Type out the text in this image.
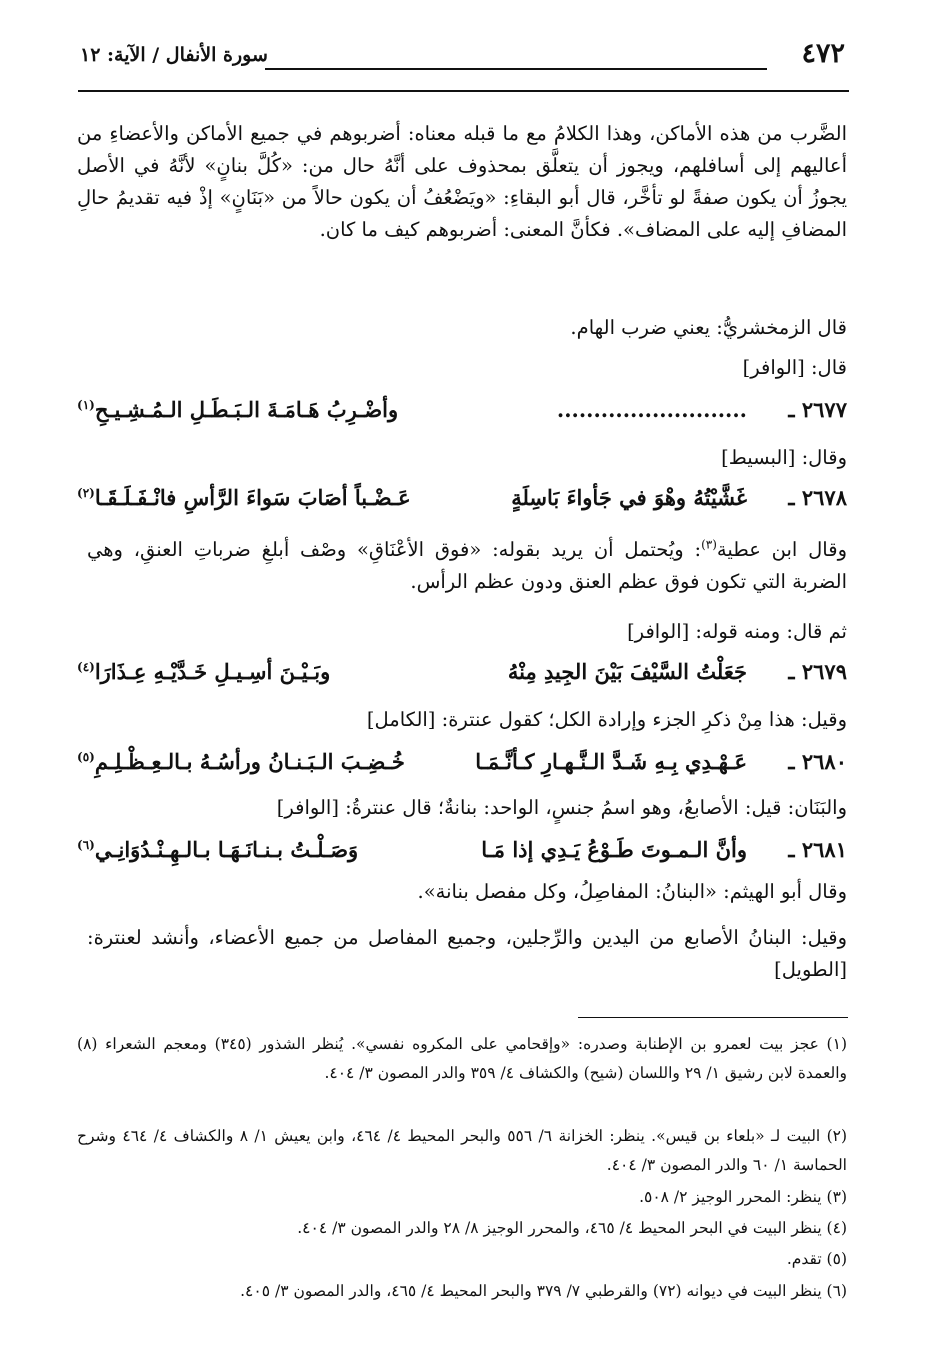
٤٧٢
سورة الأنفال / الآية: ١٢
الضَّرب من هذه الأماكن، وهذا الكلامُ مع ما قبله معناه: أضربوهم في جميع الأماكن والأعضاءِ من أعاليهم إلى أسافلهم، ويجوز أن يتعلَّق بمحذوف على أنَّهُ حال من: «كُلَّ بنانٍ» لأنَّهُ في الأصل يجوزُ أن يكون صفةً لو تأخَّر، قال أبو البقاءِ: «ويَضْعُفُ أن يكون حالاً من «بَنَانٍ» إذْ فيه تقديمُ حالِ المضافِ إليه على المضاف». فكأنَّ المعنى: أضربوهم كيف ما كان.
قال الزمخشريُّ: يعني ضرب الهام.
قال: [الوافر]
٢٦٧٧ ـ
..........................
وأضْـرِبُ هَـامَـةَ الـبَـطَـلِ الـمُـشِـيـحِ$^{(١)}$
وقال: [البسيط]
٢٦٧٨ ـ
غَشَّيْتُهُ وهْوَ في جَأواءَ بَاسِلَةٍ
عَـضْـباً أصَابَ سَواءَ الرَّأسِ فانْـفَـلَـقَـا$^{(٢)}$
وقال ابن عطية$^{(٣)}$: ويُحتمل أن يريد بقوله: «فوق الأعْنَاقِ» وصْف أبلغِ ضرباتِ العنقِ، وهي الضربة التي تكون فوق عظم العنق ودون عظم الرأس.
ثم قال: ومنه قوله: [الوافر]
٢٦٧٩ ـ
جَعَلْتُ السَّيْفَ بَيْنَ الجِيدِ مِنْهُ
وبَـيْـنَ أسِـيـلِ خَـدَّيْـهِ عِـذَارَا$^{(٤)}$
وقيل: هذا مِنْ ذكرِ الجزء وإرادة الكل؛ كقول عنترة: [الكامل]
٢٦٨٠ ـ
عَـهْـدِي بِـهِ شَـدَّ الـنَّـهـارِ كـأنَّـمَـا
خُـضِـبَ الـبَـنـانُ ورأسُـهُ بـالـعِـظْـلِـمِ$^{(٥)}$
والبَنَان: قيل: الأصابعُ، وهو اسمُ جنسٍ، الواحد: بنانةٌ؛ قال عنترةُ: [الوافر]
٢٦٨١ ـ
وأنَّ الـمـوتَ طَـوْعُ يَـدِي إذا مَـا
وَصَـلْـتُ بـنـانَـهَـا بـالـهِـنْـدُوَانِـي$^{(٦)}$
وقال أبو الهيثم: «البنانُ: المفاصِلُ، وكل مفصل بنانة».
وقيل: البنانُ الأصابع من اليدين والرِّجلين، وجميع المفاصل من جميع الأعضاء، وأنشد لعنترة: [الطويل]
(١) عجز بيت لعمرو بن الإطنابة وصدره: «وإقحامي على المكروه نفسي». يُنظر الشذور (٣٤٥) ومعجم الشعراء (٨) والعمدة لابن رشيق ١/ ٢٩ واللسان (شيح) والكشاف ٤/ ٣٥٩ والدر المصون ٣/ ٤٠٤.
(٢) البيت لـ «بلعاء بن قيس». ينظر: الخزانة ٦/ ٥٥٦ والبحر المحيط ٤/ ٤٦٤، وابن يعيش ١/ ٨ والكشاف ٤/ ٤٦٤ وشرح الحماسة ١/ ٦٠ والدر المصون ٣/ ٤٠٤.
(٣) ينظر: المحرر الوجيز ٢/ ٥٠٨.
(٤) ينظر البيت في البحر المحيط ٤/ ٤٦٥، والمحرر الوجيز ٨/ ٢٨ والدر المصون ٣/ ٤٠٤.
(٥) تقدم.
(٦) ينظر البيت في ديوانه (٧٢) والقرطبي ٧/ ٣٧٩ والبحر المحيط ٤/ ٤٦٥، والدر المصون ٣/ ٤٠٥.
